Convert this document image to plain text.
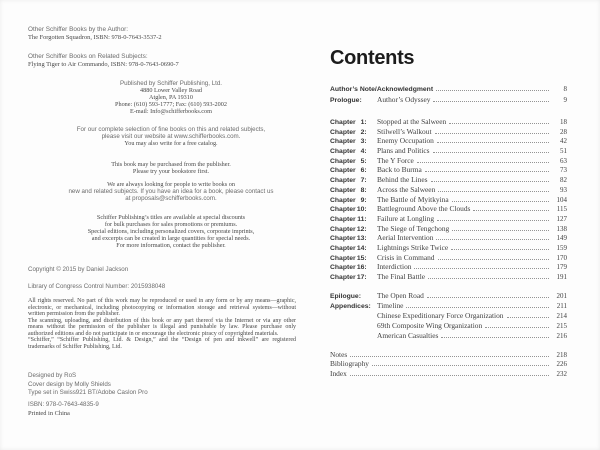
Other Schiffer Books by the Author:
The Forgotten Squadron, ISBN: 978-0-7643-3537-2
Other Schiffer Books on Related Subjects:
Flying Tiger to Air Commando, ISBN: 978-0-7643-0690-7
Published by Schiffer Publishing, Ltd.
4880 Lower Valley Road
Atglen, PA 19310
Phone: (610) 593-1777; Fax: (610) 593-2002
E-mail: Info@schifferbooks.com
For our complete selection of fine books on this and related subjects,
please visit our website at www.schifferbooks.com.
You may also write for a free catalog.
This book may be purchased from the publisher.
Please try your bookstore first.
We are always looking for people to write books on
new and related subjects. If you have an idea for a book, please contact us
at proposals@schifferbooks.com.
Schiffer Publishing’s titles are available at special discounts
for bulk purchases for sales promotions or premiums.
Special editions, including personalized covers, corporate imprints,
and excerpts can be created in large quantities for special needs.
For more information, contact the publisher.
Copyright © 2015 by Daniel Jackson
Library of Congress Control Number: 2015938048

All rights reserved. No part of this work may be reproduced or used in any form or by any means—graphic, electronic, or mechanical, including photocopying or information storage and retrieval systems—without written permission from the publisher.

The scanning, uploading, and distribution of this book or any part thereof via the Internet or via any other means without the permission of the publisher is illegal and punishable by law. Please purchase only authorized editions and do not participate in or encourage the electronic piracy of copyrighted materials.

“Schiffer,” “Schiffer Publishing, Ltd. & Design,” and the “Design of pen and inkwell” are registered trademarks of Schiffer Publishing, Ltd.

Designed by RoS
Cover design by Molly Shields
Type set in Swiss921 BT/Adobe Caslon Pro
ISBN: 978-0-7643-4835-9
Printed in China
Contents
Author’s Note/Acknowledgment	8
Prologue:	Author’s Odyssey	9
Chapter 1:	Stopped at the Salween	18
Chapter 2:	Stilwell’s Walkout	28
Chapter 3:	Enemy Occupation	42
Chapter 4:	Plans and Politics	51
Chapter 5:	The Y Force	63
Chapter 6:	Back to Burma	73
Chapter 7:	Behind the Lines	82
Chapter 8:	Across the Salween	93
Chapter 9:	The Battle of Myitkyina	104
Chapter10:	Battleground Above the Clouds	115
Chapter 11:	Failure at Longling	127
Chapter12:	The Siege of Tengchong	138
Chapter13:	Aerial Intervention	149
Chapter14:	Lightnings Strike Twice	159
Chapter15:	Crisis in Command	170
Chapter16:	Interdiction	179
Chapter17:	The Final Battle	191
Epilogue:	The Open Road	201
Appendices: Timeline	211
Chinese Expeditionary Force Organization	214
69th Composite Wing Organization	215
American Casualties	216
Notes	218
Bibliography	226
Index	232
